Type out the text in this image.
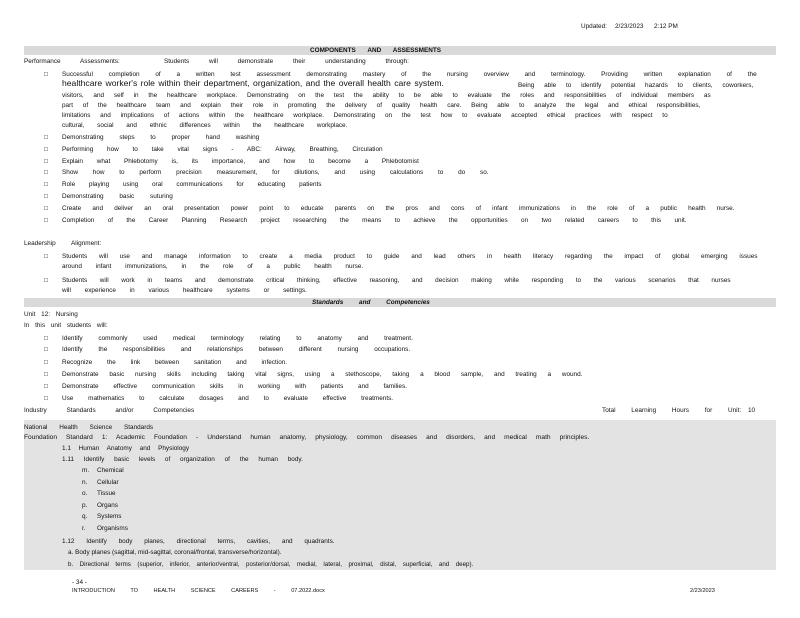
Updated: 2/23/2023 2:12 PM
COMPONENTS AND ASSESSMENTS
Performance Assessments:	Students will demonstrate their understanding through:
□ Successful completion of a written test assessment demonstrating mastery of the nursing overview and terminology. Providing written explanation of the
healthcare worker's role within their department, organization, and the overall health care system.	Being able to identify potential hazards to clients, coworkers,
visitors, and self in the healthcare workplace. Demonstrating on the test the ability to be able to evaluate the roles and responsibilities of individual members as
part of the healthcare team and explain their role in promoting the delivery of quality health care. Being able to analyze the legal and ethical responsibilities,
limitations and implications of actions within the healthcare workplace. Demonstrating on the test how to evaluate accepted ethical practices with respect to
cultural, social and ethnic differences within the healthcare workplace.
□ Demonstrating steps to proper hand washing
□ Performing how to take vital signs - ABC: Airway, Breathing, Circulation
□ Explain what Phlebotomy is, its importance, and how to become a Phlebotomist
□ Show how to perform precision measurement, for dilutions, and using calculations to do so.
□ Role playing using oral communications for educating patients
□ Demonstrating basic suturing
□ Create and deliver an oral presentation power point to educate parents on the pros and cons of infant immunizations in the role of a public health nurse.
□ Completion of the Career Planning Research project researching the means to achieve the opportunities on two related careers to this unit.
Leadership Alignment:
□ Students will use and manage information to create a media product to guide and lead others in health literacy regarding the impact of global emerging issues
around infant immunizations, in the role of a public health nurse.
□ Students will work in teams and demonstrate critical thinking, effective reasoning, and decision making while responding to the various scenarios that nurses
will experience in various healthcare systems or settings.
Standards and Competencies
Unit 12: Nursing
In this unit students will:
□ Identify commonly used medical terminology relating to anatomy and treatment.
□ Identify the responsibilities and relationships between different nursing occupations.
□ Recognize the link between sanitation and infection.
□ Demonstrate basic nursing skills including taking vital signs, using a stethoscope, taking a blood sample, and treating a wound.
□ Demonstrate effective communication skills in working with patients and families.
□ Use mathematics to calculate dosages and to evaluate effective treatments.
Industry Standards and/or Competencies	Total Learning Hours for Unit: 10
National Health Science Standards
Foundation Standard 1: Academic Foundation - Understand human anatomy, physiology, common diseases and disorders, and medical math principles.
1.1 Human Anatomy and Physiology
1.11 Identify basic levels of organization of the human body.
m. Chemical
n. Cellular
o. Tissue
p. Organs
q. Systems
r. Organisms
1.12 Identify body planes, directional terms, cavities, and quadrants.
a. Body planes (sagittal, mid-sagittal, coronal/frontal, transverse/horizontal).
b. Directional terms (superior, inferior, anterior/ventral, posterior/dorsal, medial, lateral, proximal, distal, superficial, and deep).
- 34 -
INTRODUCTION TO HEALTH SCIENCE CAREERS - 07.2022.docx	2/23/2023
